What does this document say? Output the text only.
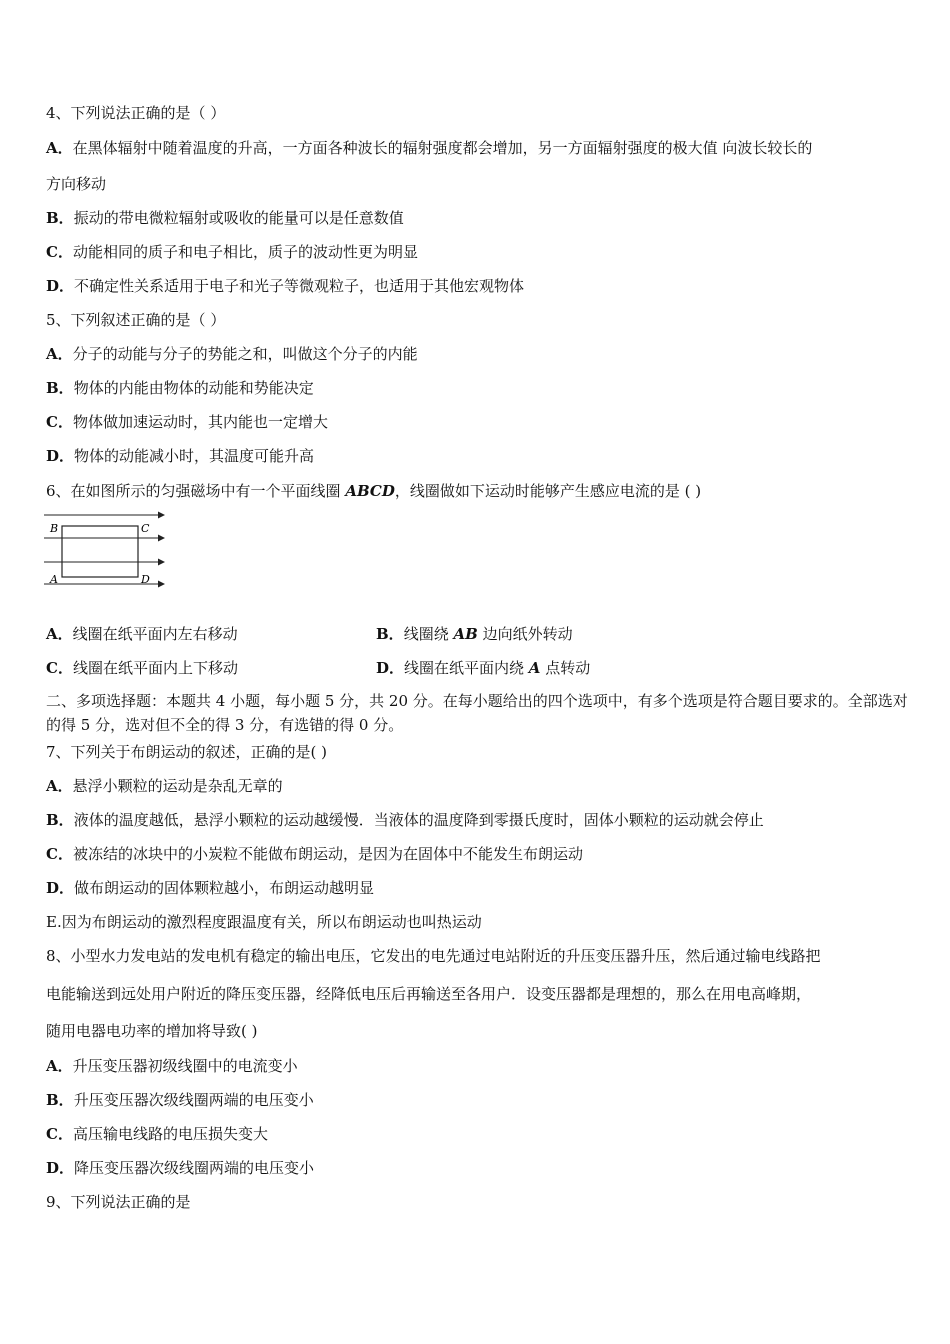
4、下列说法正确的是（ ）
A．在黑体辐射中随着温度的升高，一方面各种波长的辐射强度都会增加，另一方面辐射强度的极大值 向波长较长的
方向移动
B．振动的带电微粒辐射或吸收的能量可以是任意数值
C．动能相同的质子和电子相比，质子的波动性更为明显
D．不确定性关系适用于电子和光子等微观粒子，也适用于其他宏观物体
5、下列叙述正确的是（ ）
A．分子的动能与分子的势能之和，叫做这个分子的内能
B．物体的内能由物体的动能和势能决定
C．物体做加速运动时，其内能也一定增大
D．物体的动能减小时，其温度可能升高
6、在如图所示的匀强磁场中有一个平面线圈 ABCD，线圈做如下运动时能够产生感应电流的是 ( )
B	C
A	D
A．线圈在纸平面内左右移动	B．线圈绕 AB 边向纸外转动
C．线圈在纸平面内上下移动	D．线圈在纸平面内绕 A 点转动
二、多项选择题：本题共 4 小题，每小题 5 分，共 20 分。在每小题给出的四个选项中，有多个选项是符合题目要求的。全部选对的得 5 分，选对但不全的得 3 分，有选错的得 0 分。
7、下列关于布朗运动的叙述，正确的是( )
A．悬浮小颗粒的运动是杂乱无章的
B．液体的温度越低，悬浮小颗粒的运动越缓慢．当液体的温度降到零摄氏度时，固体小颗粒的运动就会停止
C．被冻结的冰块中的小炭粒不能做布朗运动，是因为在固体中不能发生布朗运动
D．做布朗运动的固体颗粒越小，布朗运动越明显
E.因为布朗运动的激烈程度跟温度有关，所以布朗运动也叫热运动
8、小型水力发电站的发电机有稳定的输出电压，它发出的电先通过电站附近的升压变压器升压，然后通过输电线路把
电能输送到远处用户附近的降压变压器，经降低电压后再输送至各用户．设变压器都是理想的，那么在用电高峰期，
随用电器电功率的增加将导致( )
A．升压变压器初级线圈中的电流变小
B．升压变压器次级线圈两端的电压变小
C．高压输电线路的电压损失变大
D．降压变压器次级线圈两端的电压变小
9、下列说法正确的是
